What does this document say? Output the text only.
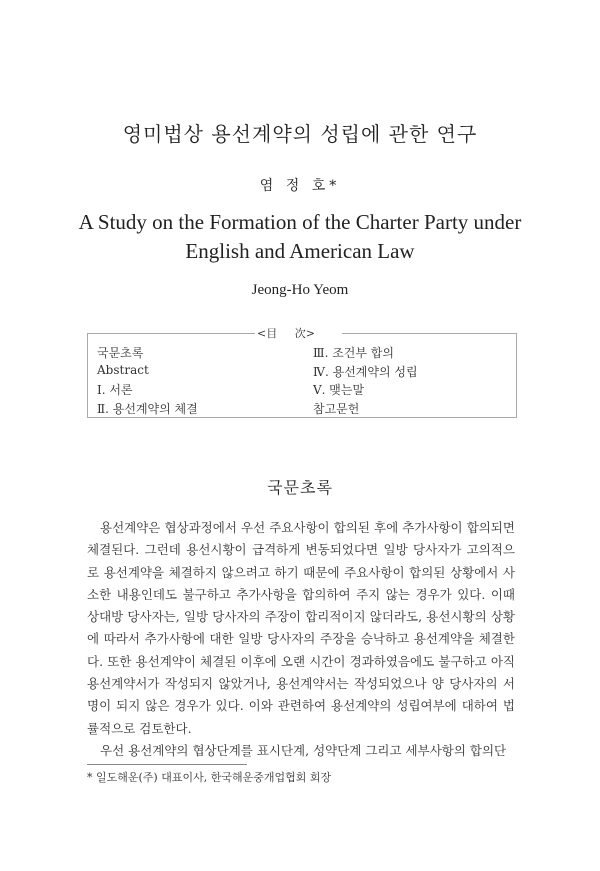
영미법상 용선계약의 성립에 관한 연구
염 정 호*
A Study on the Formation of the Charter Party under
English and American Law
Jeong-Ho Yeom
<目     次>
국문초록
Abstract
Ⅰ. 서론
Ⅱ. 용선계약의 체결
Ⅲ. 조건부 합의
Ⅳ. 용선계약의 성립
Ⅴ. 맺는말
참고문헌
국문초록

용선계약은 협상과정에서 우선 주요사항이 합의된 후에 추가사항이 합의되면 체결된다. 그런데 용선시황이 급격하게 변동되었다면 일방 당사자가 고의적으로 용선계약을 체결하지 않으려고 하기 때문에 주요사항이 합의된 상황에서 사소한 내용인데도 불구하고 추가사항을 합의하여 주지 않는 경우가 있다. 이때 상대방 당사자는, 일방 당사자의 주장이 합리적이지 않더라도, 용선시황의 상황에 따라서 추가사항에 대한 일방 당사자의 주장을 승낙하고 용선계약을 체결한다. 또한 용선계약이 체결된 이후에 오랜 시간이 경과하였음에도 불구하고 아직 용선계약서가 작성되지 않았거나, 용선계약서는 작성되었으나 양 당사자의 서명이 되지 않은 경우가 있다. 이와 관련하여 용선계약의 성립여부에 대하여 법률적으로 검토한다.

우선 용선계약의 협상단계를 표시단계, 성약단계 그리고 세부사항의 합의단

* 일도해운(주) 대표이사, 한국해운중개업협회 회장
